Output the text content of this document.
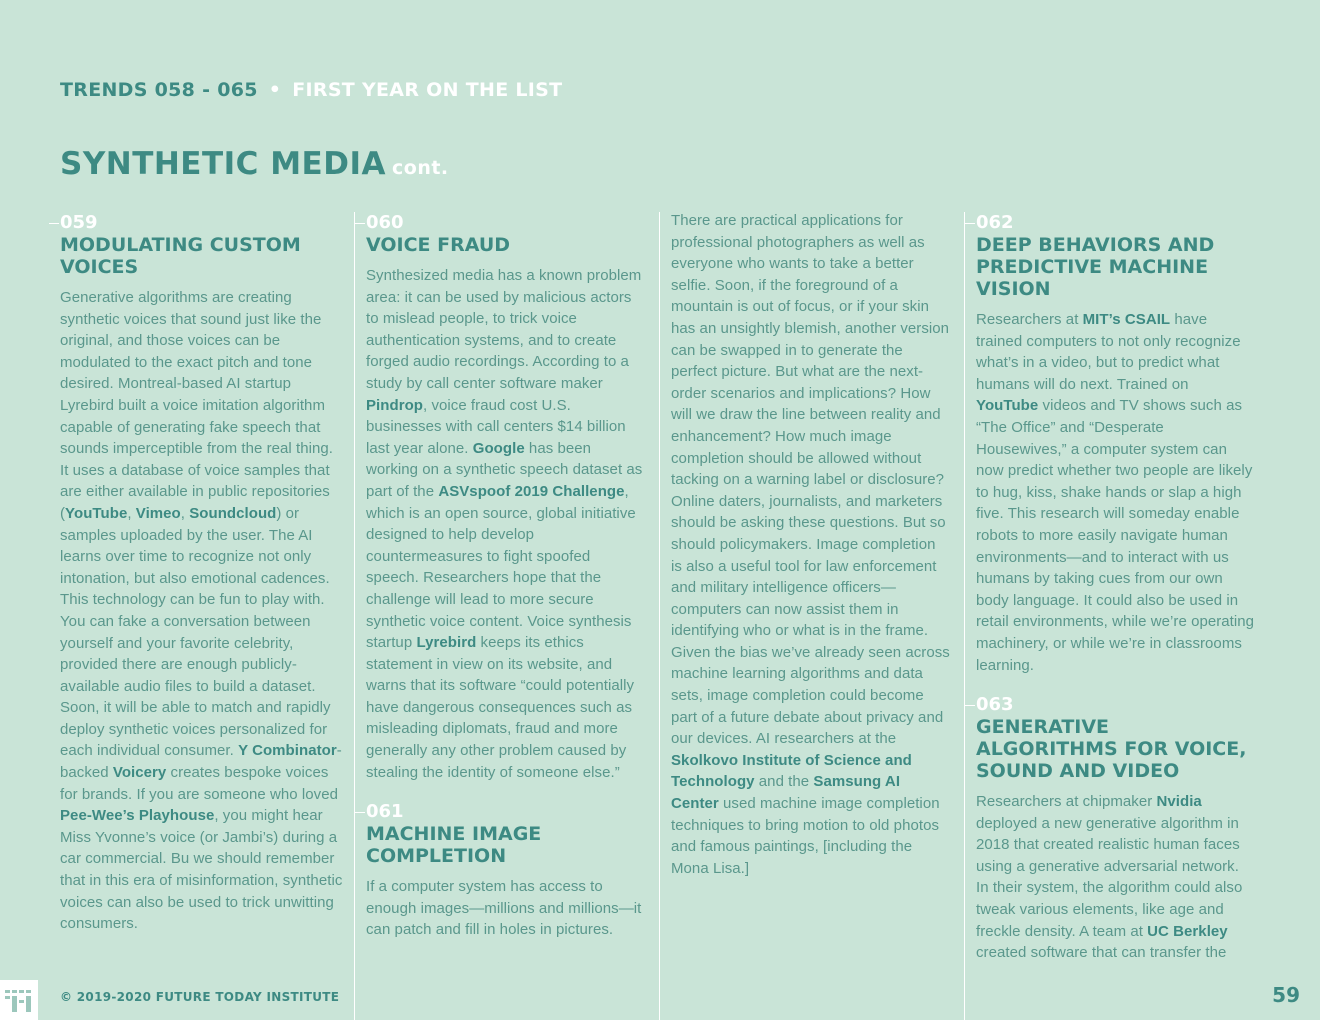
TRENDS 058 - 065 • FIRST YEAR ON THE LIST
SYNTHETIC MEDIA cont.
059
MODULATING CUSTOM VOICES
Generative algorithms are creating synthetic voices that sound just like the original, and those voices can be modulated to the exact pitch and tone desired. Montreal-based AI startup Lyrebird built a voice imitation algorithm capable of generating fake speech that sounds imperceptible from the real thing. It uses a database of voice samples that are either available in public repositories (YouTube, Vimeo, Soundcloud) or samples uploaded by the user. The AI learns over time to recognize not only intonation, but also emotional cadences. This technology can be fun to play with. You can fake a conversation between yourself and your favorite celebrity, provided there are enough publicly-available audio files to build a dataset. Soon, it will be able to match and rapidly deploy synthetic voices personalized for each individual consumer. Y Combinator-backed Voicery creates bespoke voices for brands. If you are someone who loved Pee-Wee’s Playhouse, you might hear Miss Yvonne’s voice (or Jambi’s) during a car commercial. Bu we should remember that in this era of misinformation, synthetic voices can also be used to trick unwitting consumers.
060
VOICE FRAUD
Synthesized media has a known problem area: it can be used by malicious actors to mislead people, to trick voice authentication systems, and to create forged audio recordings. According to a study by call center software maker Pindrop, voice fraud cost U.S. businesses with call centers $14 billion last year alone. Google has been working on a synthetic speech dataset as part of the ASVspoof 2019 Challenge, which is an open source, global initiative designed to help develop countermeasures to fight spoofed speech. Researchers hope that the challenge will lead to more secure synthetic voice content. Voice synthesis startup Lyrebird keeps its ethics statement in view on its website, and warns that its software “could potentially have dangerous consequences such as misleading diplomats, fraud and more generally any other problem caused by stealing the identity of someone else.”
061
MACHINE IMAGE COMPLETION
If a computer system has access to enough images—millions and millions—it can patch and fill in holes in pictures.
There are practical applications for professional photographers as well as everyone who wants to take a better selfie. Soon, if the foreground of a mountain is out of focus, or if your skin has an unsightly blemish, another version can be swapped in to generate the perfect picture. But what are the next-order scenarios and implications? How will we draw the line between reality and enhancement? How much image completion should be allowed without tacking on a warning label or disclosure? Online daters, journalists, and marketers should be asking these questions. But so should policymakers. Image completion is also a useful tool for law enforcement and military intelligence officers—computers can now assist them in identifying who or what is in the frame. Given the bias we’ve already seen across machine learning algorithms and data sets, image completion could become part of a future debate about privacy and our devices. AI researchers at the Skolkovo Institute of Science and Technology and the Samsung AI Center used machine image completion techniques to bring motion to old photos and famous paintings, [including the Mona Lisa.]
062
DEEP BEHAVIORS AND PREDICTIVE MACHINE VISION
Researchers at MIT’s CSAIL have trained computers to not only recognize what’s in a video, but to predict what humans will do next. Trained on YouTube videos and TV shows such as “The Office” and “Desperate Housewives,” a computer system can now predict whether two people are likely to hug, kiss, shake hands or slap a high five. This research will someday enable robots to more easily navigate human environments—and to interact with us humans by taking cues from our own body language. It could also be used in retail environments, while we’re operating machinery, or while we’re in classrooms learning.
063
GENERATIVE ALGORITHMS FOR VOICE, SOUND AND VIDEO
Researchers at chipmaker Nvidia deployed a new generative algorithm in 2018 that created realistic human faces using a generative adversarial network. In their system, the algorithm could also tweak various elements, like age and freckle density. A team at UC Berkley created software that can transfer the
© 2019-2020 FUTURE TODAY INSTITUTE	59
